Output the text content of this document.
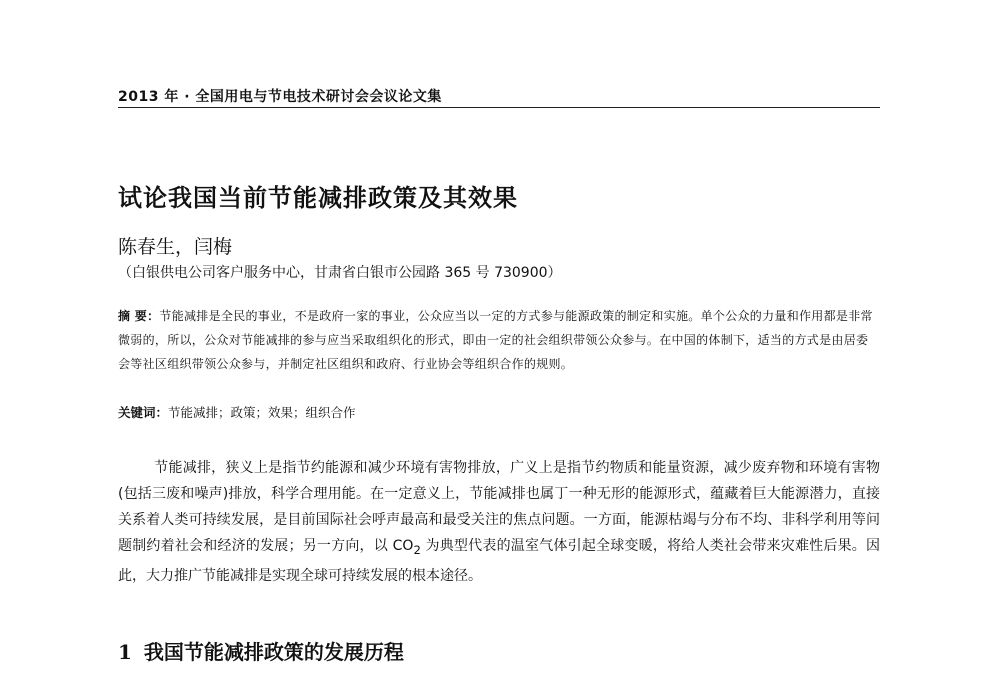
2013 年 · 全国用电与节电技术研讨会会议论文集
试论我国当前节能减排政策及其效果
陈春生，闫梅
（白银供电公司客户服务中心，甘肃省白银市公园路 365 号 730900）
摘 要：节能减排是全民的事业，不是政府一家的事业，公众应当以一定的方式参与能源政策的制定和实施。单个公众的力量和作用都是非常微弱的，所以，公众对节能减排的参与应当采取组织化的形式，即由一定的社会组织带领公众参与。在中国的体制下，适当的方式是由居委会等社区组织带领公众参与，并制定社区组织和政府、行业协会等组织合作的规则。
关键词：节能减排；政策；效果；组织合作
节能减排，狭义上是指节约能源和减少环境有害物排放，广义上是指节约物质和能量资源，减少废弃物和环境有害物(包括三废和噪声)排放，科学合理用能。在一定意义上，节能减排也属丁一种无形的能源形式，蕴藏着巨大能源潜力，直接关系着人类可持续发展，是目前国际社会呼声最高和最受关注的焦点问题。一方面，能源枯竭与分布不均、非科学利用等问题制约着社会和经济的发展；另一方向，以 $CO_2$ 为典型代表的温室气体引起全球变暖，将给人类社会带来灾难性后果。因此，大力推广节能减排是实现全球可持续发展的根本途径。
1 我国节能减排政策的发展历程
